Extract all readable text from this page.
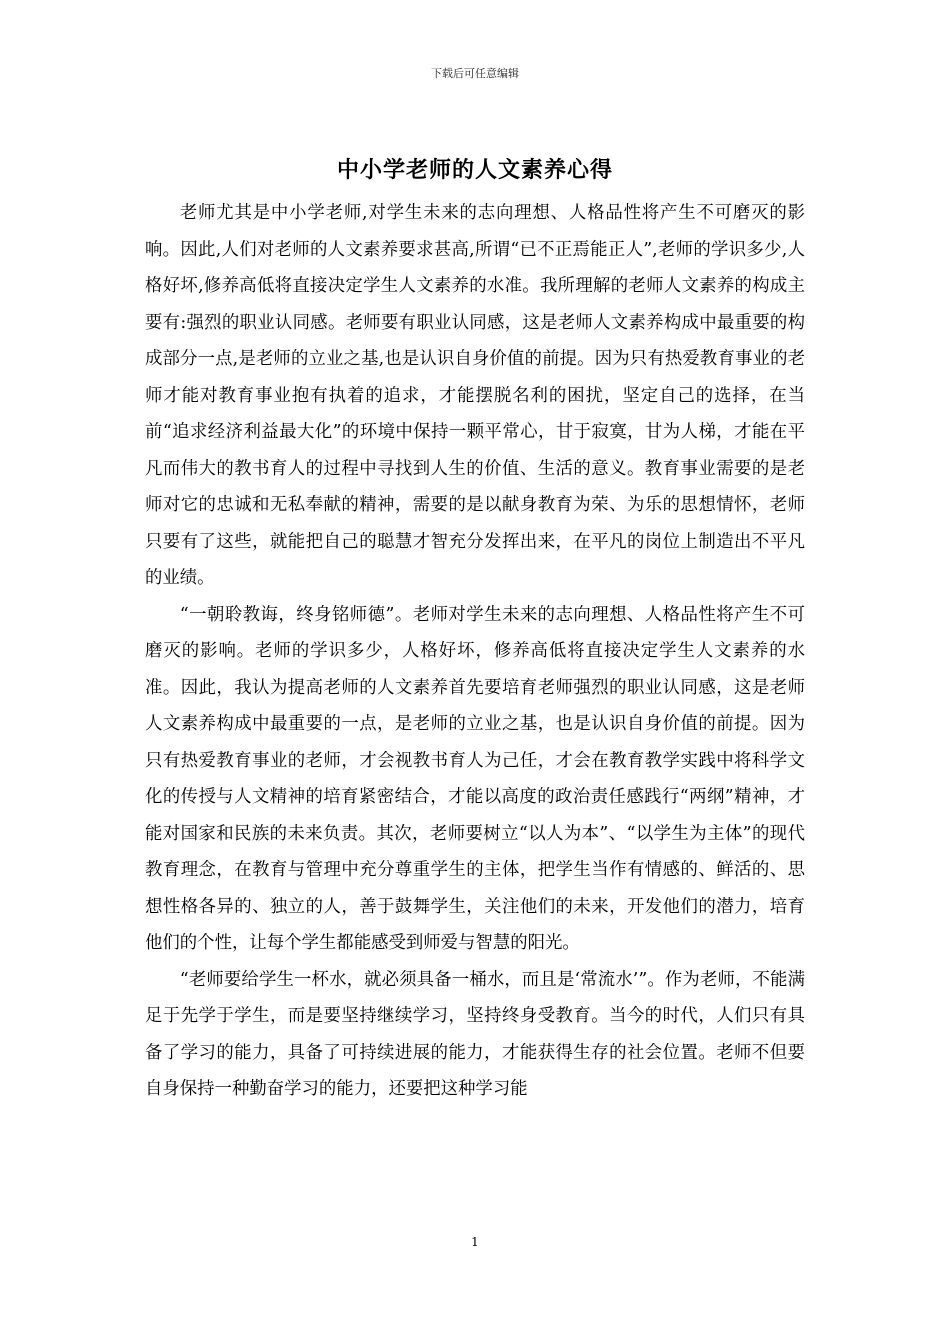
下载后可任意编辑
中小学老师的人文素养心得

老师尤其是中小学老师,对学生未来的志向理想、人格品性将产生不可磨灭的影响。因此,人们对老师的人文素养要求甚高,所谓“已不正焉能正人”,老师的学识多少,人格好坏,修养高低将直接决定学生人文素养的水准。我所理解的老师人文素养的构成主要有:强烈的职业认同感。老师要有职业认同感，这是老师人文素养构成中最重要的构成部分一点,是老师的立业之基,也是认识自身价值的前提。因为只有热爱教育事业的老师才能对教育事业抱有执着的追求，才能摆脱名利的困扰，坚定自己的选择，在当前“追求经济利益最大化”的环境中保持一颗平常心，甘于寂寞，甘为人梯，才能在平凡而伟大的教书育人的过程中寻找到人生的价值、生活的意义。教育事业需要的是老师对它的忠诚和无私奉献的精神，需要的是以献身教育为荣、为乐的思想情怀，老师只要有了这些，就能把自己的聪慧才智充分发挥出来，在平凡的岗位上制造出不平凡的业绩。

“一朝聆教诲，终身铭师德”。老师对学生未来的志向理想、人格品性将产生不可磨灭的影响。老师的学识多少，人格好坏，修养高低将直接决定学生人文素养的水准。因此，我认为提高老师的人文素养首先要培育老师强烈的职业认同感，这是老师人文素养构成中最重要的一点，是老师的立业之基，也是认识自身价值的前提。因为只有热爱教育事业的老师，才会视教书育人为己任，才会在教育教学实践中将科学文化的传授与人文精神的培育紧密结合，才能以高度的政治责任感践行“两纲”精神，才能对国家和民族的未来负责。其次，老师要树立“以人为本”、“以学生为主体”的现代教育理念，在教育与管理中充分尊重学生的主体，把学生当作有情感的、鲜活的、思想性格各异的、独立的人，善于鼓舞学生，关注他们的未来，开发他们的潜力，培育他们的个性，让每个学生都能感受到师爱与智慧的阳光。

“老师要给学生一杯水，就必须具备一桶水，而且是‘常流水’”。作为老师，不能满足于先学于学生，而是要坚持继续学习，坚持终身受教育。当今的时代，人们只有具备了学习的能力，具备了可持续进展的能力，才能获得生存的社会位置。老师不但要自身保持一种勤奋学习的能力，还要把这种学习能

1
